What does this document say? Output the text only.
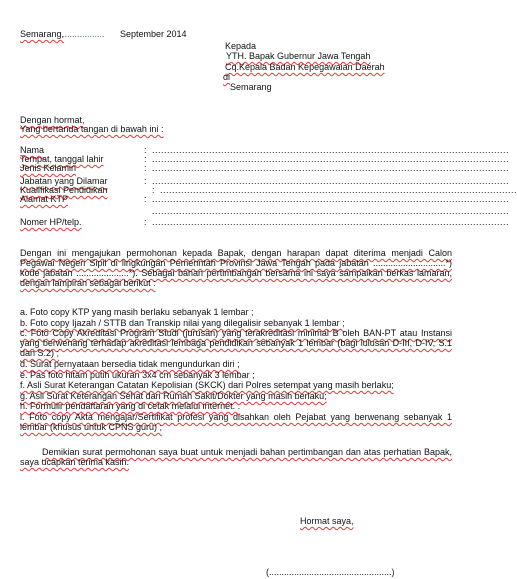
Semarang,
................. September 2014
Kepada
YTH. Bapak Gubernur Jawa Tengah
Cq.Kepala Badan Kepegawaian Daerah
di
Semarang
Dengan hormat,
Yang bertanda tangan di bawah ini :
Nama	: .......................................................................................................................
Tempat, tanggal lahir	: .......................................................................................................................
Jenis Kelamin	: .......................................................................................................................
Jabatan yang Dilamar	: .......................................................................................................................
Kualifikasi Pendidikan	: .......................................................................................................................
Alamat KTP	: .......................................................................................................................
.......................................................................................................................
Nomer HP/telp.	: .......................................................................................................................
Dengan ini mengajukan permohonan kepada Bapak, dengan harapan dapat diterima menjadi Calon Pegawai Negeri Sipil di lingkungan Pemerintah Provinsi Jawa Tengah pada jabatan .............................*) kode jabatan .....................*). Sebagai bahan pertimbangan bersama ini saya sampaikan berkas lamaran, dengan lampiran sebagai berikut :
a. Foto copy KTP yang masih berlaku sebanyak 1 lembar ;
b. Foto copy Ijazah / STTB dan Transkip nilai yang dilegalisir sebanyak 1 lembar ;
c. Foto Copy Akreditasi Program Studi (jurusan) yang terakreditasi minimal B oleh BAN-PT atau Instansi yang berwenang terhadap akreditasi lembaga pendidikan sebanyak 1 lembar (bagi lulusan D-III, D-IV, S.1 dan S.2) ;
d. Surat pernyataan bersedia tidak mengundurkan diri ;
e. Pas foto hitam putih ukuran 3x4 cm sebanyak 3 lembar ;
f. Asli Surat Keterangan Catatan Kepolisian (SKCK) dari Polres setempat yang masih berlaku;
g. Asli Surat Keterangan Sehat dari Rumah Sakit/Dokter yang masih berlaku;
h. Formulir pendaftaran yang di cetak melalui internet. .
i. Foto copy Akta mengajar/Sertifikat profesi yang disahkan oleh Pejabat yang berwenang sebanyak 1 lembar (khusus untuk CPNS guru) ;
Demikian surat permohonan saya buat untuk menjadi bahan pertimbangan dan atas perhatian Bapak, saya ucapkan terima kasih.
Hormat saya,
(.................................................)
